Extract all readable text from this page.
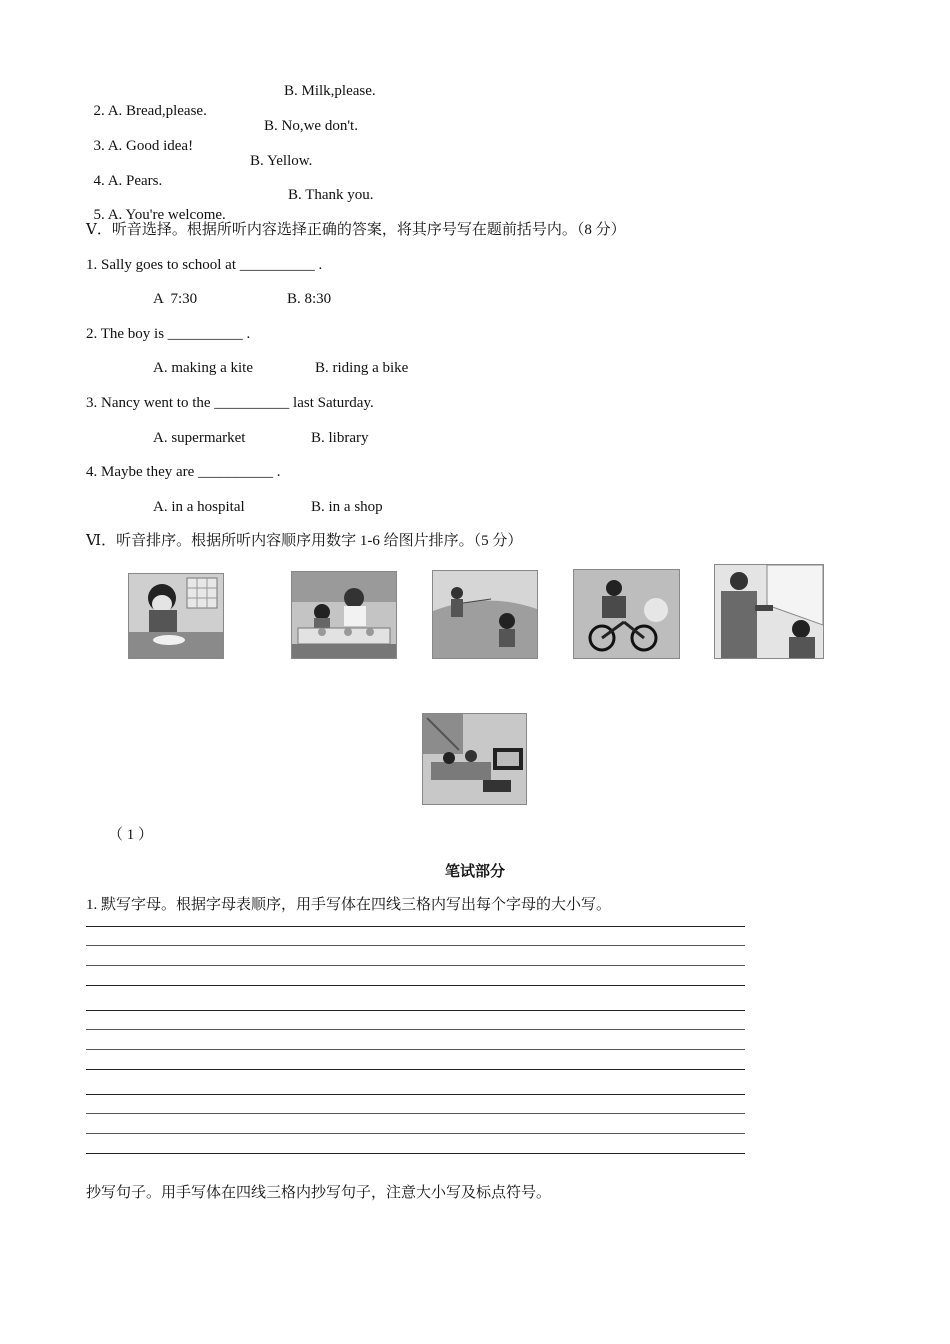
2. A. Bread,please.

B. Milk,please.

3. A. Good idea!

B. No,we don't.

4. A. Pears.

B. Yellow.

5. A. You're welcome.

B. Thank you.
Ⅴ．听音选择。根据所听内容选择正确的答案，将其序号写在题前括号内。（8 分）
1. Sally goes to school at __________ .
A  7:30	B. 8:30
2. The boy is __________ .
A. making a kite	B. riding a bike
3. Nancy went to the __________ last Saturday.
A. supermarket	B. library
4. Maybe they are __________ .
A. in a hospital	B. in a shop
Ⅵ．听音排序。根据所听内容顺序用数字 1-6 给图片排序。（5 分）
（ 1 ）
笔试部分
1. 默写字母。根据字母表顺序，用手写体在四线三格内写出每个字母的大小写。
抄写句子。用手写体在四线三格内抄写句子，注意大小写及标点符号。
